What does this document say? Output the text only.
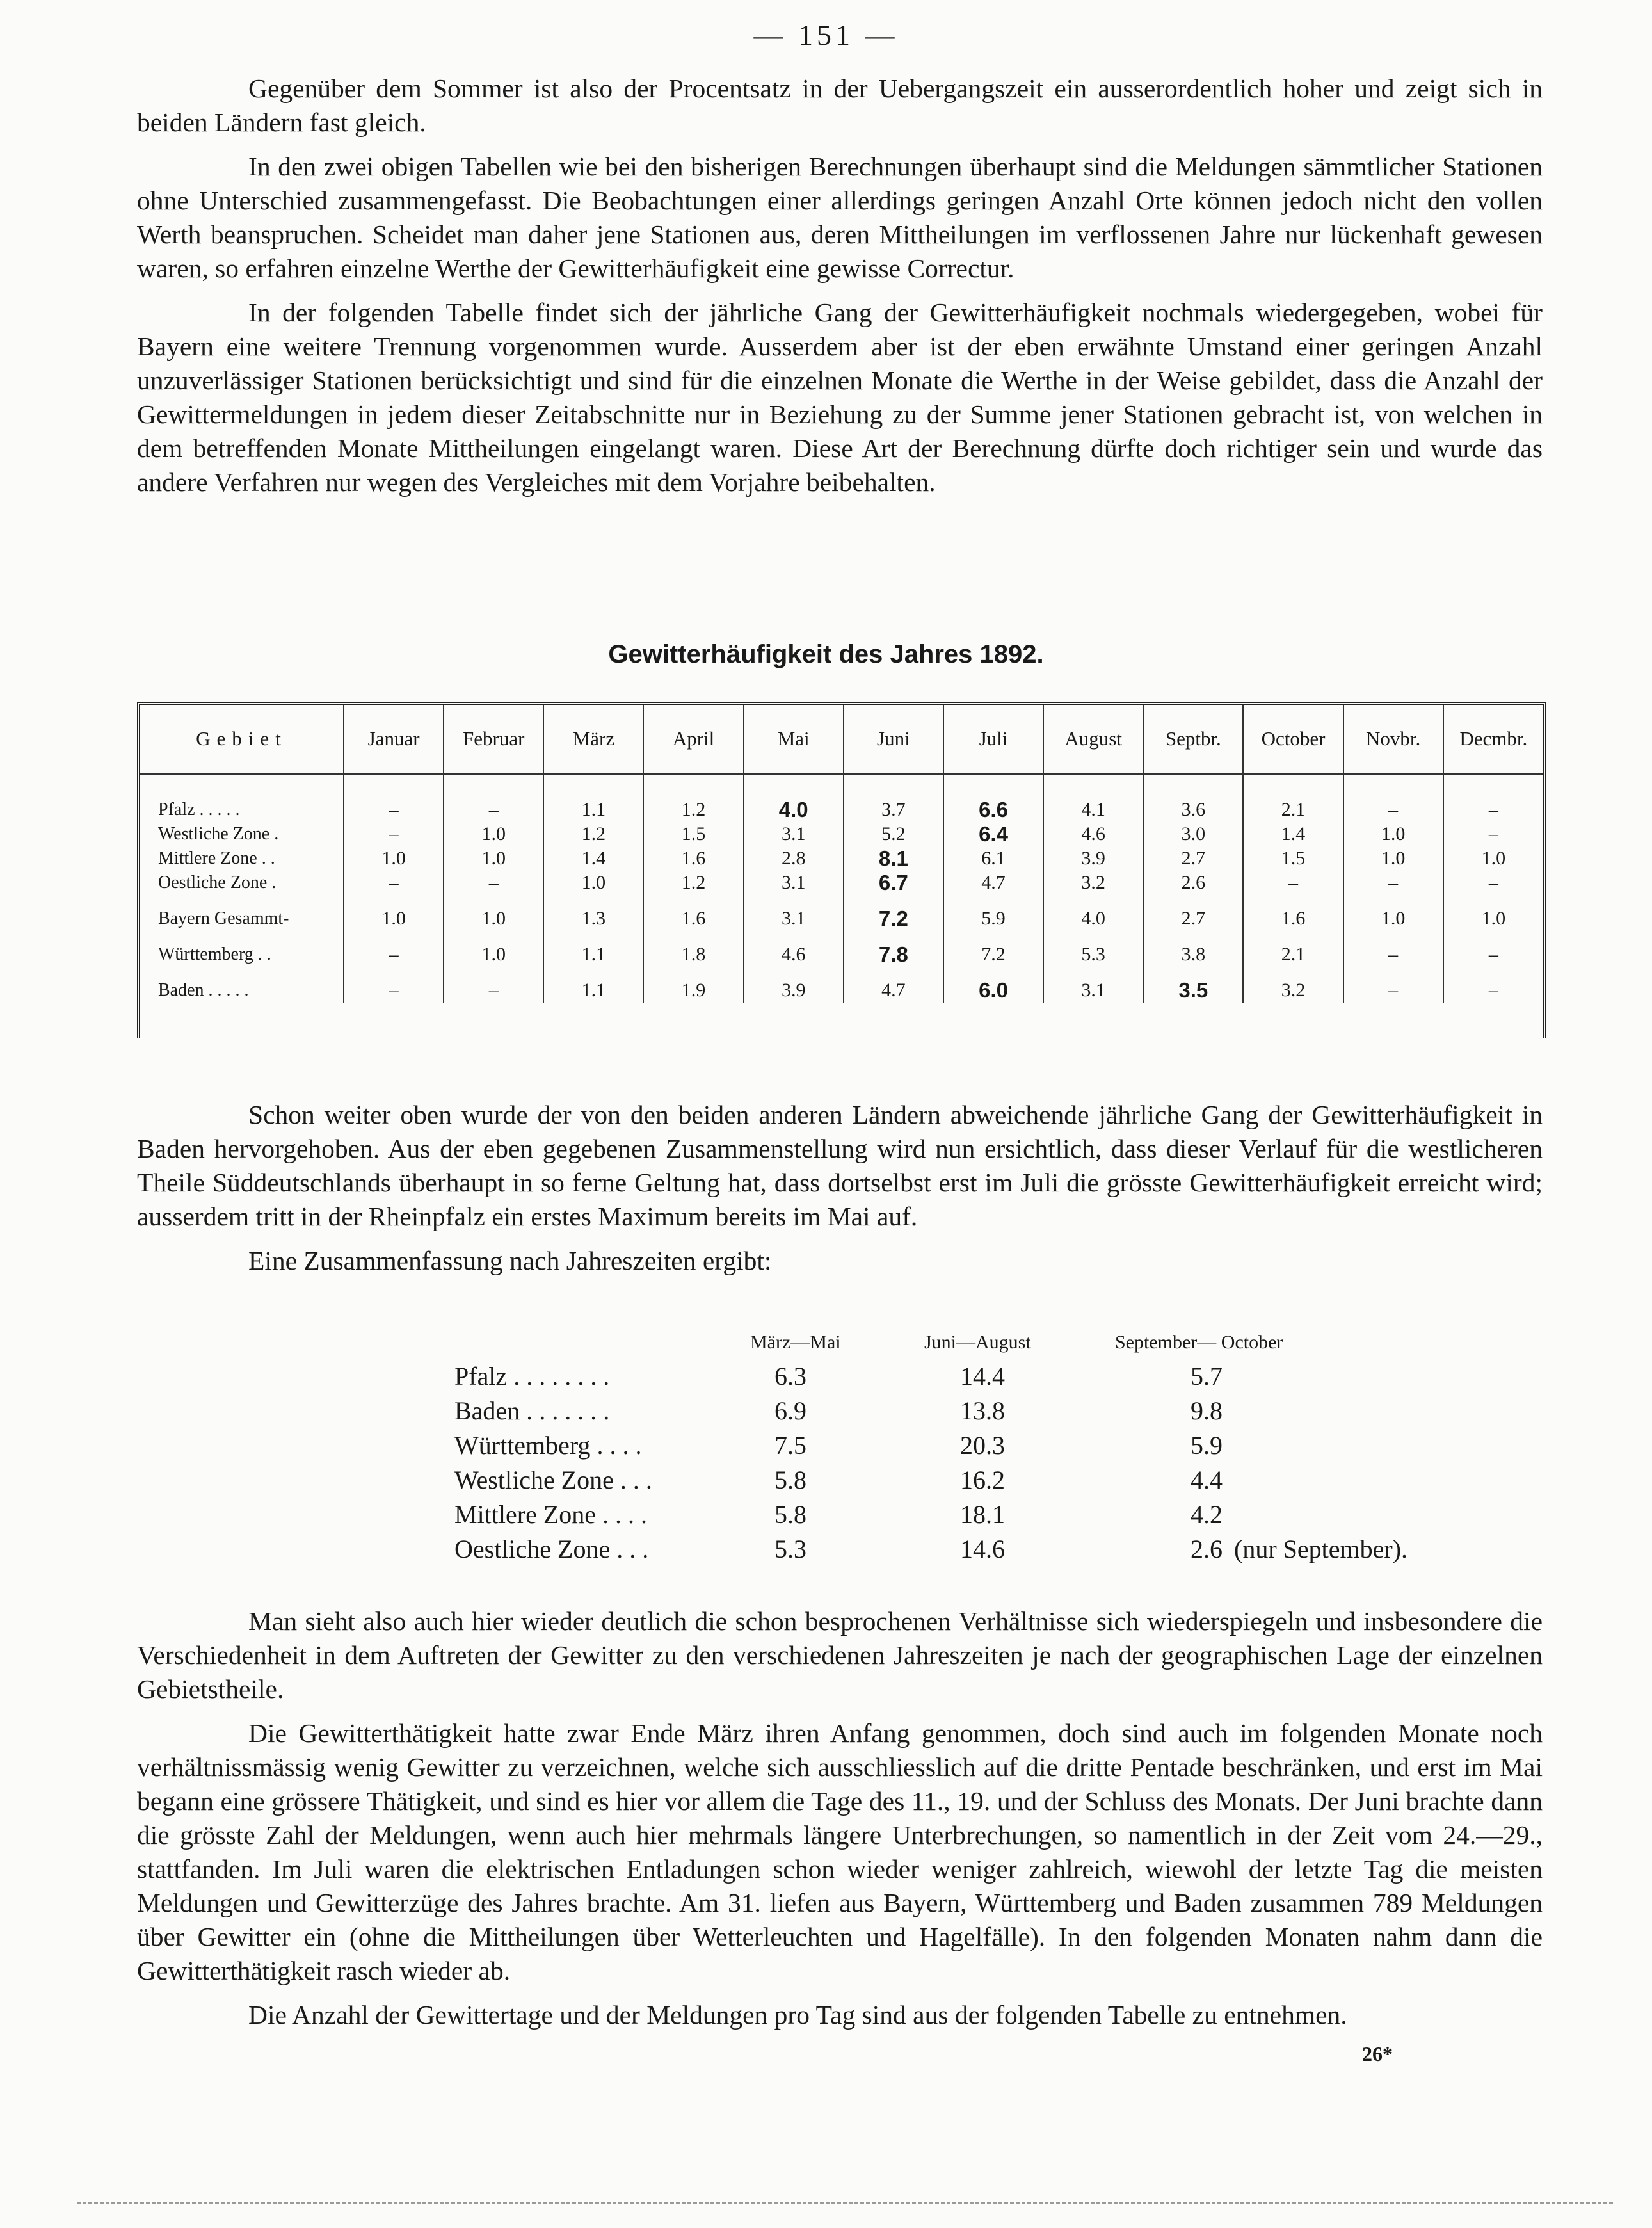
— 151 —

Gegenüber dem Sommer ist also der Procentsatz in der Uebergangszeit ein ausserordentlich hoher und zeigt sich in beiden Ländern fast gleich.

In den zwei obigen Tabellen wie bei den bisherigen Berechnungen überhaupt sind die Meldungen sämmtlicher Stationen ohne Unterschied zusammengefasst. Die Beobachtungen einer allerdings geringen Anzahl Orte können jedoch nicht den vollen Werth beanspruchen. Scheidet man daher jene Stationen aus, deren Mittheilungen im verflossenen Jahre nur lückenhaft gewesen waren, so erfahren einzelne Werthe der Gewitterhäufigkeit eine gewisse Correctur.

In der folgenden Tabelle findet sich der jährliche Gang der Gewitterhäufigkeit nochmals wiedergegeben, wobei für Bayern eine weitere Trennung vorgenommen wurde. Ausserdem aber ist der eben erwähnte Umstand einer geringen Anzahl unzuverlässiger Stationen berücksichtigt und sind für die einzelnen Monate die Werthe in der Weise gebildet, dass die Anzahl der Gewittermeldungen in jedem dieser Zeitabschnitte nur in Beziehung zu der Summe jener Stationen gebracht ist, von welchen in dem betreffenden Monate Mittheilungen eingelangt waren. Diese Art der Berechnung dürfte doch richtiger sein und wurde das andere Verfahren nur wegen des Vergleiches mit dem Vorjahre beibehalten.

Gewitterhäufigkeit des Jahres 1892.
Gebiet	Januar	Februar	März	April	Mai	Juni	Juli	August	Septbr.	October	Novbr.	Decmbr.

Pfalz . . . . .	–	–	1.1	1.2	4.0	3.7	6.6	4.1	3.6	2.1	–	–
Westliche Zone .	–	1.0	1.2	1.5	3.1	5.2	6.4	4.6	3.0	1.4	1.0	–
Mittlere Zone . .	1.0	1.0	1.4	1.6	2.8	8.1	6.1	3.9	2.7	1.5	1.0	1.0
Oestliche Zone .	–	–	1.0	1.2	3.1	6.7	4.7	3.2	2.6	–	–	–

Bayern Gesammt-	1.0	1.0	1.3	1.6	3.1	7.2	5.9	4.0	2.7	1.6	1.0	1.0

Württemberg . .	–	1.0	1.1	1.8	4.6	7.8	7.2	5.3	3.8	2.1	–	–

Baden . . . . .	–	–	1.1	1.9	3.9	4.7	6.0	3.1	3.5	3.2	–	–

Schon weiter oben wurde der von den beiden anderen Ländern abweichende jährliche Gang der Gewitterhäufigkeit in Baden hervorgehoben. Aus der eben gegebenen Zusammenstellung wird nun ersichtlich, dass dieser Verlauf für die westlicheren Theile Süddeutschlands überhaupt in so ferne Geltung hat, dass dortselbst erst im Juli die grösste Gewitterhäufigkeit erreicht wird; ausserdem tritt in der Rheinpfalz ein erstes Maximum bereits im Mai auf.

Eine Zusammenfassung nach Jahreszeiten ergibt:

März—Mai	Juni—August	September— October
Pfalz . . . . . . . .	6.3	14.4	5.7
Baden . . . . . . .	6.9	13.8	9.8
Württemberg . . . .	7.5	20.3	5.9
Westliche Zone . . .	5.8	16.2	4.4
Mittlere Zone . . . .	5.8	18.1	4.2
Oestliche Zone . . .	5.3	14.6	2.6 (nur September).

Man sieht also auch hier wieder deutlich die schon besprochenen Verhältnisse sich wiederspiegeln und insbesondere die Verschiedenheit in dem Auftreten der Gewitter zu den verschiedenen Jahreszeiten je nach der geographischen Lage der einzelnen Gebietstheile.

Die Gewitterthätigkeit hatte zwar Ende März ihren Anfang genommen, doch sind auch im folgenden Monate noch verhältnissmässig wenig Gewitter zu verzeichnen, welche sich ausschliesslich auf die dritte Pentade beschränken, und erst im Mai begann eine grössere Thätigkeit, und sind es hier vor allem die Tage des 11., 19. und der Schluss des Monats. Der Juni brachte dann die grösste Zahl der Meldungen, wenn auch hier mehrmals längere Unterbrechungen, so namentlich in der Zeit vom 24.—29., stattfanden. Im Juli waren die elektrischen Entladungen schon wieder weniger zahlreich, wiewohl der letzte Tag die meisten Meldungen und Gewitterzüge des Jahres brachte. Am 31. liefen aus Bayern, Württemberg und Baden zusammen 789 Meldungen über Gewitter ein (ohne die Mittheilungen über Wetterleuchten und Hagelfälle). In den folgenden Monaten nahm dann die Gewitterthätigkeit rasch wieder ab.

Die Anzahl der Gewittertage und der Meldungen pro Tag sind aus der folgenden Tabelle zu entnehmen.

26*
